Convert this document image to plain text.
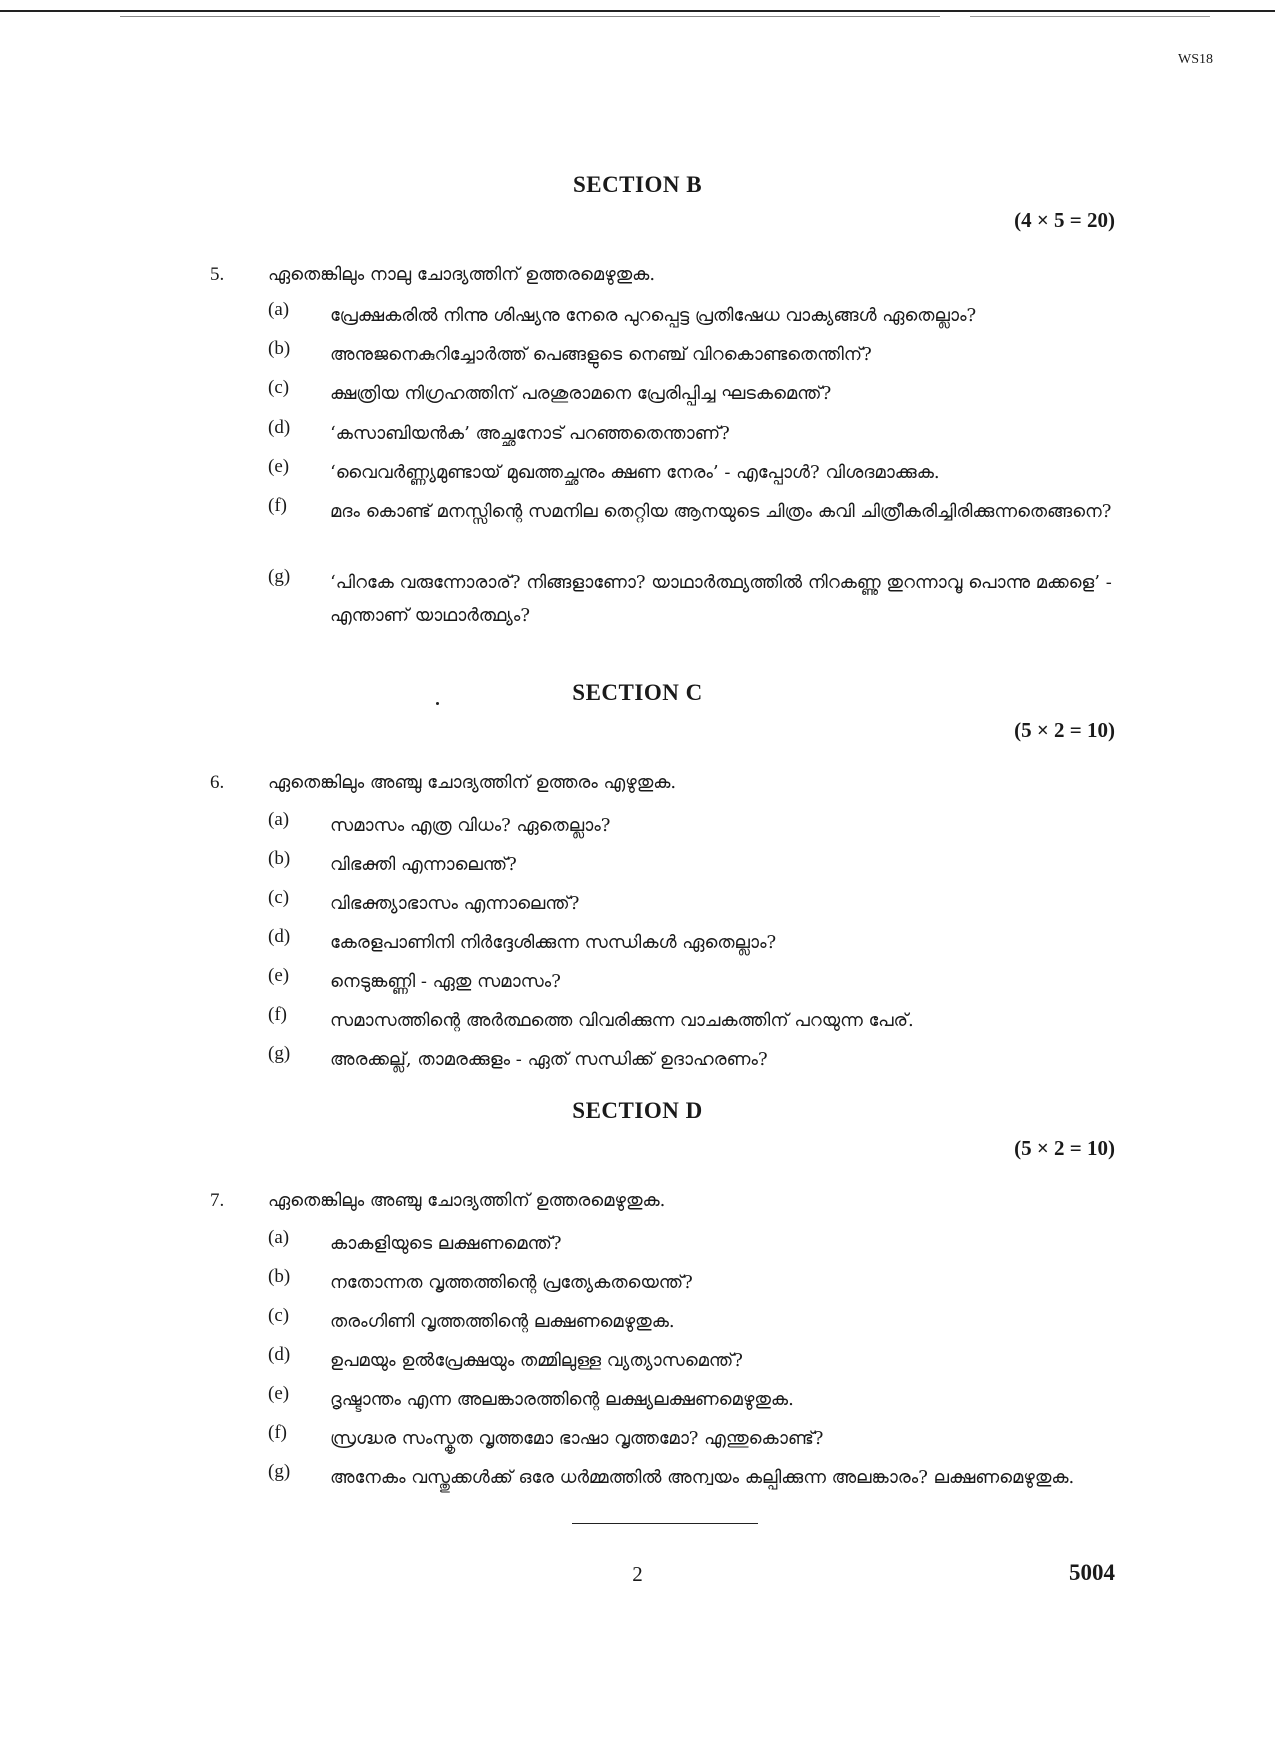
WS18
SECTION B
(4 × 5 = 20)
5. ഏതെങ്കിലും നാലു ചോദ്യത്തിന് ഉത്തരമെഴുതുക.
(a)	പ്രേക്ഷകരിൽ നിന്നു ശിഷ്യനു നേരെ പുറപ്പെട്ട പ്രതിഷേധ വാക്യങ്ങൾ ഏതെല്ലാം?
(b)	അനുജനെകുറിച്ചോർത്ത് പെങ്ങളുടെ നെഞ്ച് വിറകൊണ്ടതെന്തിന്?
(c)	ക്ഷത്രിയ നിഗ്രഹത്തിന് പരശുരാമനെ പ്രേരിപ്പിച്ച ഘടകമെന്ത്?
(d)	‘കസാബിയൻക’ അച്ഛനോട് പറഞ്ഞതെന്താണ്?
(e)	‘വൈവർണ്ണ്യമുണ്ടായ് മുഖത്തച്ഛനും ക്ഷണ നേരം’ - എപ്പോൾ? വിശദമാക്കുക.
(f)	മദം കൊണ്ട് മനസ്സിന്റെ സമനില തെറ്റിയ ആനയുടെ ചിത്രം കവി ചിത്രീകരിച്ചിരിക്കുന്നതെങ്ങനെ?
(g)	‘പിറകേ വരുന്നോരാര്? നിങ്ങളാണോ? യാഥാർത്ഥ്യത്തിൽ നിറകണ്ണു തുറന്നാവൂ പൊന്നു മക്കളെ’ - എന്താണ് യാഥാർത്ഥ്യം?
SECTION C
(5 × 2 = 10)
6. ഏതെങ്കിലും അഞ്ചു ചോദ്യത്തിന് ഉത്തരം എഴുതുക.
(a)	സമാസം എത്ര വിധം? ഏതെല്ലാം?
(b)	വിഭക്തി എന്നാലെന്ത്?
(c)	വിഭക്ത്യാഭാസം എന്നാലെന്ത്?
(d)	കേരളപാണിനി നിർദ്ദേശിക്കുന്ന സന്ധികൾ ഏതെല്ലാം?
(e)	നെടുങ്കണ്ണി - ഏതു സമാസം?
(f)	സമാസത്തിന്റെ അർത്ഥത്തെ വിവരിക്കുന്ന വാചകത്തിന് പറയുന്ന പേര്.
(g)	അരക്കല്ല്, താമരക്കുളം - ഏത് സന്ധിക്ക് ഉദാഹരണം?
SECTION D
(5 × 2 = 10)
7. ഏതെങ്കിലും അഞ്ചു ചോദ്യത്തിന് ഉത്തരമെഴുതുക.
(a)	കാകളിയുടെ ലക്ഷണമെന്ത്?
(b)	നതോന്നത വൃത്തത്തിന്റെ പ്രത്യേകതയെന്ത്?
(c)	തരംഗിണി വൃത്തത്തിന്റെ ലക്ഷണമെഴുതുക.
(d)	ഉപമയും ഉൽപ്രേക്ഷയും തമ്മിലുള്ള വ്യത്യാസമെന്ത്?
(e)	ദൃഷ്ടാന്തം എന്ന അലങ്കാരത്തിന്റെ ലക്ഷ്യലക്ഷണമെഴുതുക.
(f)	സ്രഗ്ദ്ധര സംസ്കൃത വൃത്തമോ ഭാഷാ വൃത്തമോ? എന്തുകൊണ്ട്?
(g)	അനേകം വസ്തുക്കൾക്ക് ഒരേ ധർമ്മത്തിൽ അന്വയം കല്പിക്കുന്ന അലങ്കാരം? ലക്ഷണമെഴുതുക.
2	5004
